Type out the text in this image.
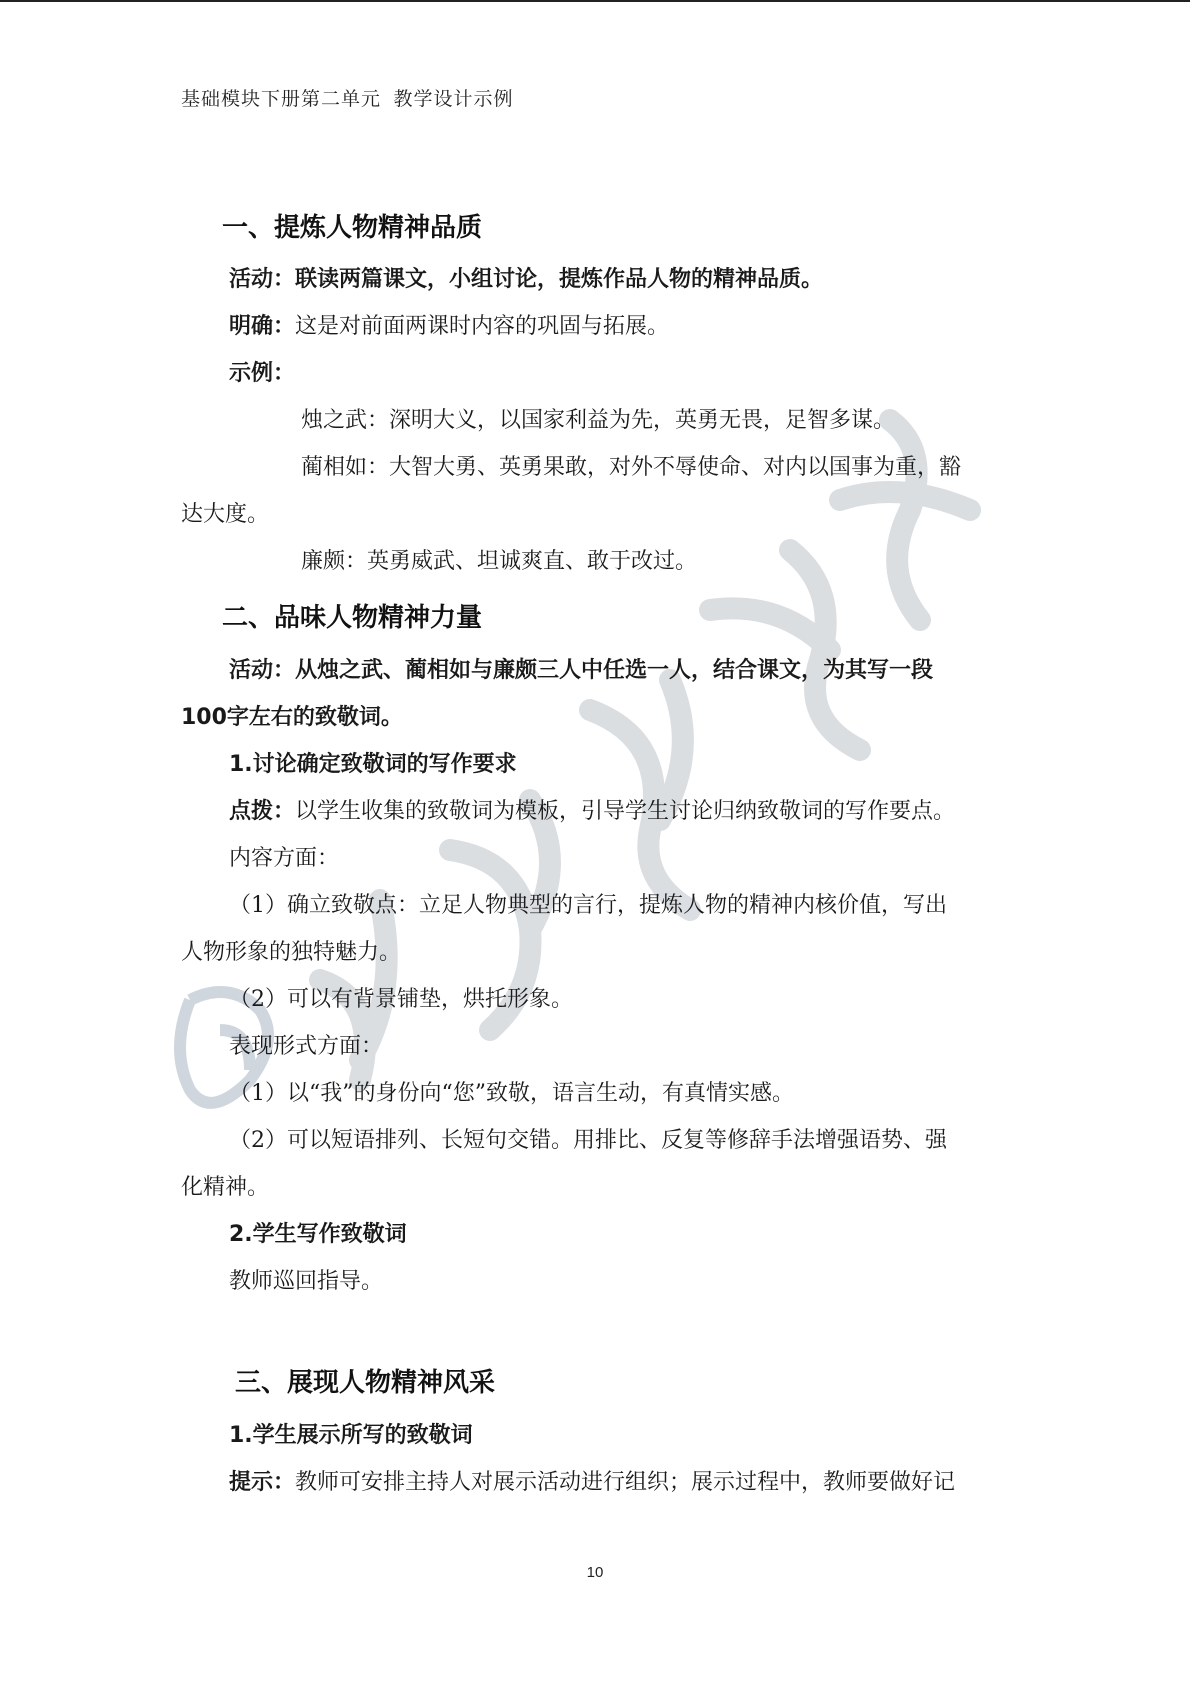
基础模块下册第二单元 教学设计示例
一、提炼人物精神品质
活动：联读两篇课文，小组讨论，提炼作品人物的精神品质。
明确：这是对前面两课时内容的巩固与拓展。
示例：
烛之武：深明大义，以国家利益为先，英勇无畏，足智多谋。
蔺相如：大智大勇、英勇果敢，对外不辱使命、对内以国事为重，豁
达大度。
廉颇：英勇威武、坦诚爽直、敢于改过。
二、品味人物精神力量
活动：从烛之武、蔺相如与廉颇三人中任选一人，结合课文，为其写一段
100字左右的致敬词。
1.讨论确定致敬词的写作要求
点拨：以学生收集的致敬词为模板，引导学生讨论归纳致敬词的写作要点。
内容方面：
（1）确立致敬点：立足人物典型的言行，提炼人物的精神内核价值，写出
人物形象的独特魅力。
（2）可以有背景铺垫，烘托形象。
表现形式方面：
（1）以“我”的身份向“您”致敬，语言生动，有真情实感。
（2）可以短语排列、长短句交错。用排比、反复等修辞手法增强语势、强
化精神。
2.学生写作致敬词
教师巡回指导。
三、展现人物精神风采
1.学生展示所写的致敬词
提示：教师可安排主持人对展示活动进行组织；展示过程中，教师要做好记
10
